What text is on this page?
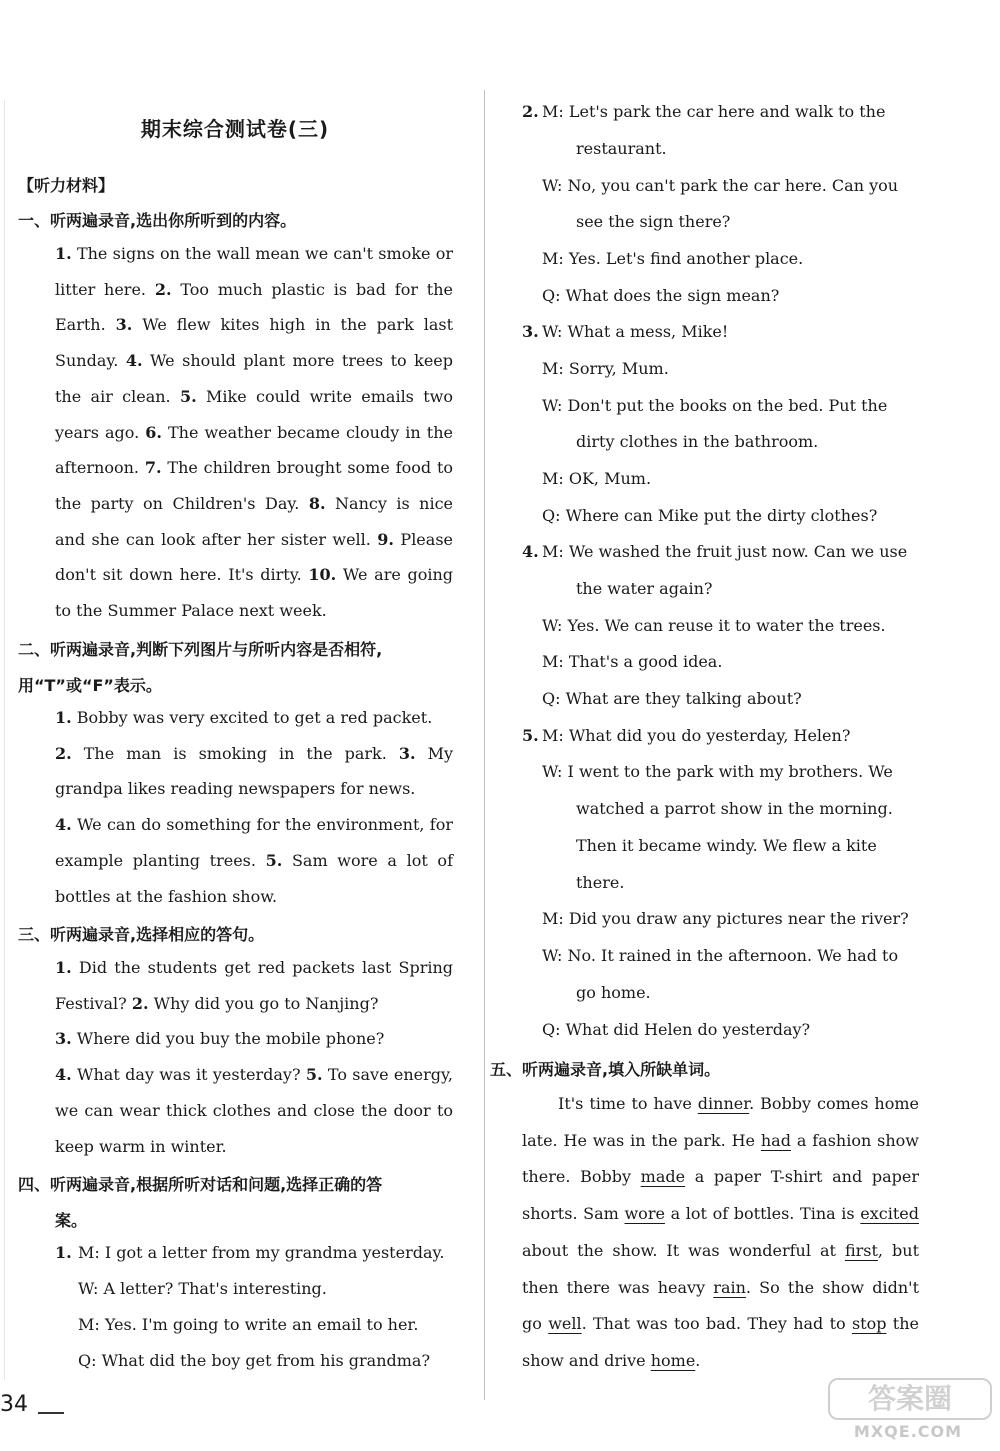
期末综合测试卷(三)
【听力材料】
一、听两遍录音,选出你所听到的内容。
1. The signs on the wall mean we can't smoke or litter here. 2. Too much plastic is bad for the Earth. 3. We flew kites high in the park last Sunday. 4. We should plant more trees to keep the air clean. 5. Mike could write emails two years ago. 6. The weather became cloudy in the afternoon. 7. The children brought some food to the party on Children's Day. 8. Nancy is nice and she can look after her sister well. 9. Please don't sit down here. It's dirty. 10. We are going to the Summer Palace next week.
二、听两遍录音,判断下列图片与所听内容是否相符,
用“T”或“F”表示。
1. Bobby was very excited to get a red packet.
2. The man is smoking in the park. 3. My grandpa likes reading newspapers for news.
4. We can do something for the environment, for example planting trees. 5. Sam wore a lot of bottles at the fashion show.
三、听两遍录音,选择相应的答句。
1. Did the students get red packets last Spring Festival? 2. Why did you go to Nanjing?
3. Where did you buy the mobile phone?
4. What day was it yesterday? 5. To save energy, we can wear thick clothes and close the door to keep warm in winter.
四、听两遍录音,根据所听对话和问题,选择正确的答
案。
1. M: I got a letter from my grandma yesterday.
W: A letter? That's interesting.
M: Yes. I'm going to write an email to her.
Q: What did the boy get from his grandma?
34
2. M: Let's park the car here and walk to the
restaurant.
W: No, you can't park the car here. Can you
see the sign there?
M: Yes. Let's find another place.
Q: What does the sign mean?
3. W: What a mess, Mike!
M: Sorry, Mum.
W: Don't put the books on the bed. Put the
dirty clothes in the bathroom.
M: OK, Mum.
Q: Where can Mike put the dirty clothes?
4. M: We washed the fruit just now. Can we use
the water again?
W: Yes. We can reuse it to water the trees.
M: That's a good idea.
Q: What are they talking about?
5. M: What did you do yesterday, Helen?
W: I went to the park with my brothers. We
watched a parrot show in the morning.
Then it became windy. We flew a kite
there.
M: Did you draw any pictures near the river?
W: No. It rained in the afternoon. We had to
go home.
Q: What did Helen do yesterday?
五、听两遍录音,填入所缺单词。
It's time to have dinner. Bobby comes home late. He was in the park. He had a fashion show there. Bobby made a paper T-shirt and paper shorts. Sam wore a lot of bottles. Tina is excited about the show. It was wonderful at first, but then there was heavy rain. So the show didn't go well. That was too bad. They had to stop the show and drive home.
答案圈
MXQE.COM
